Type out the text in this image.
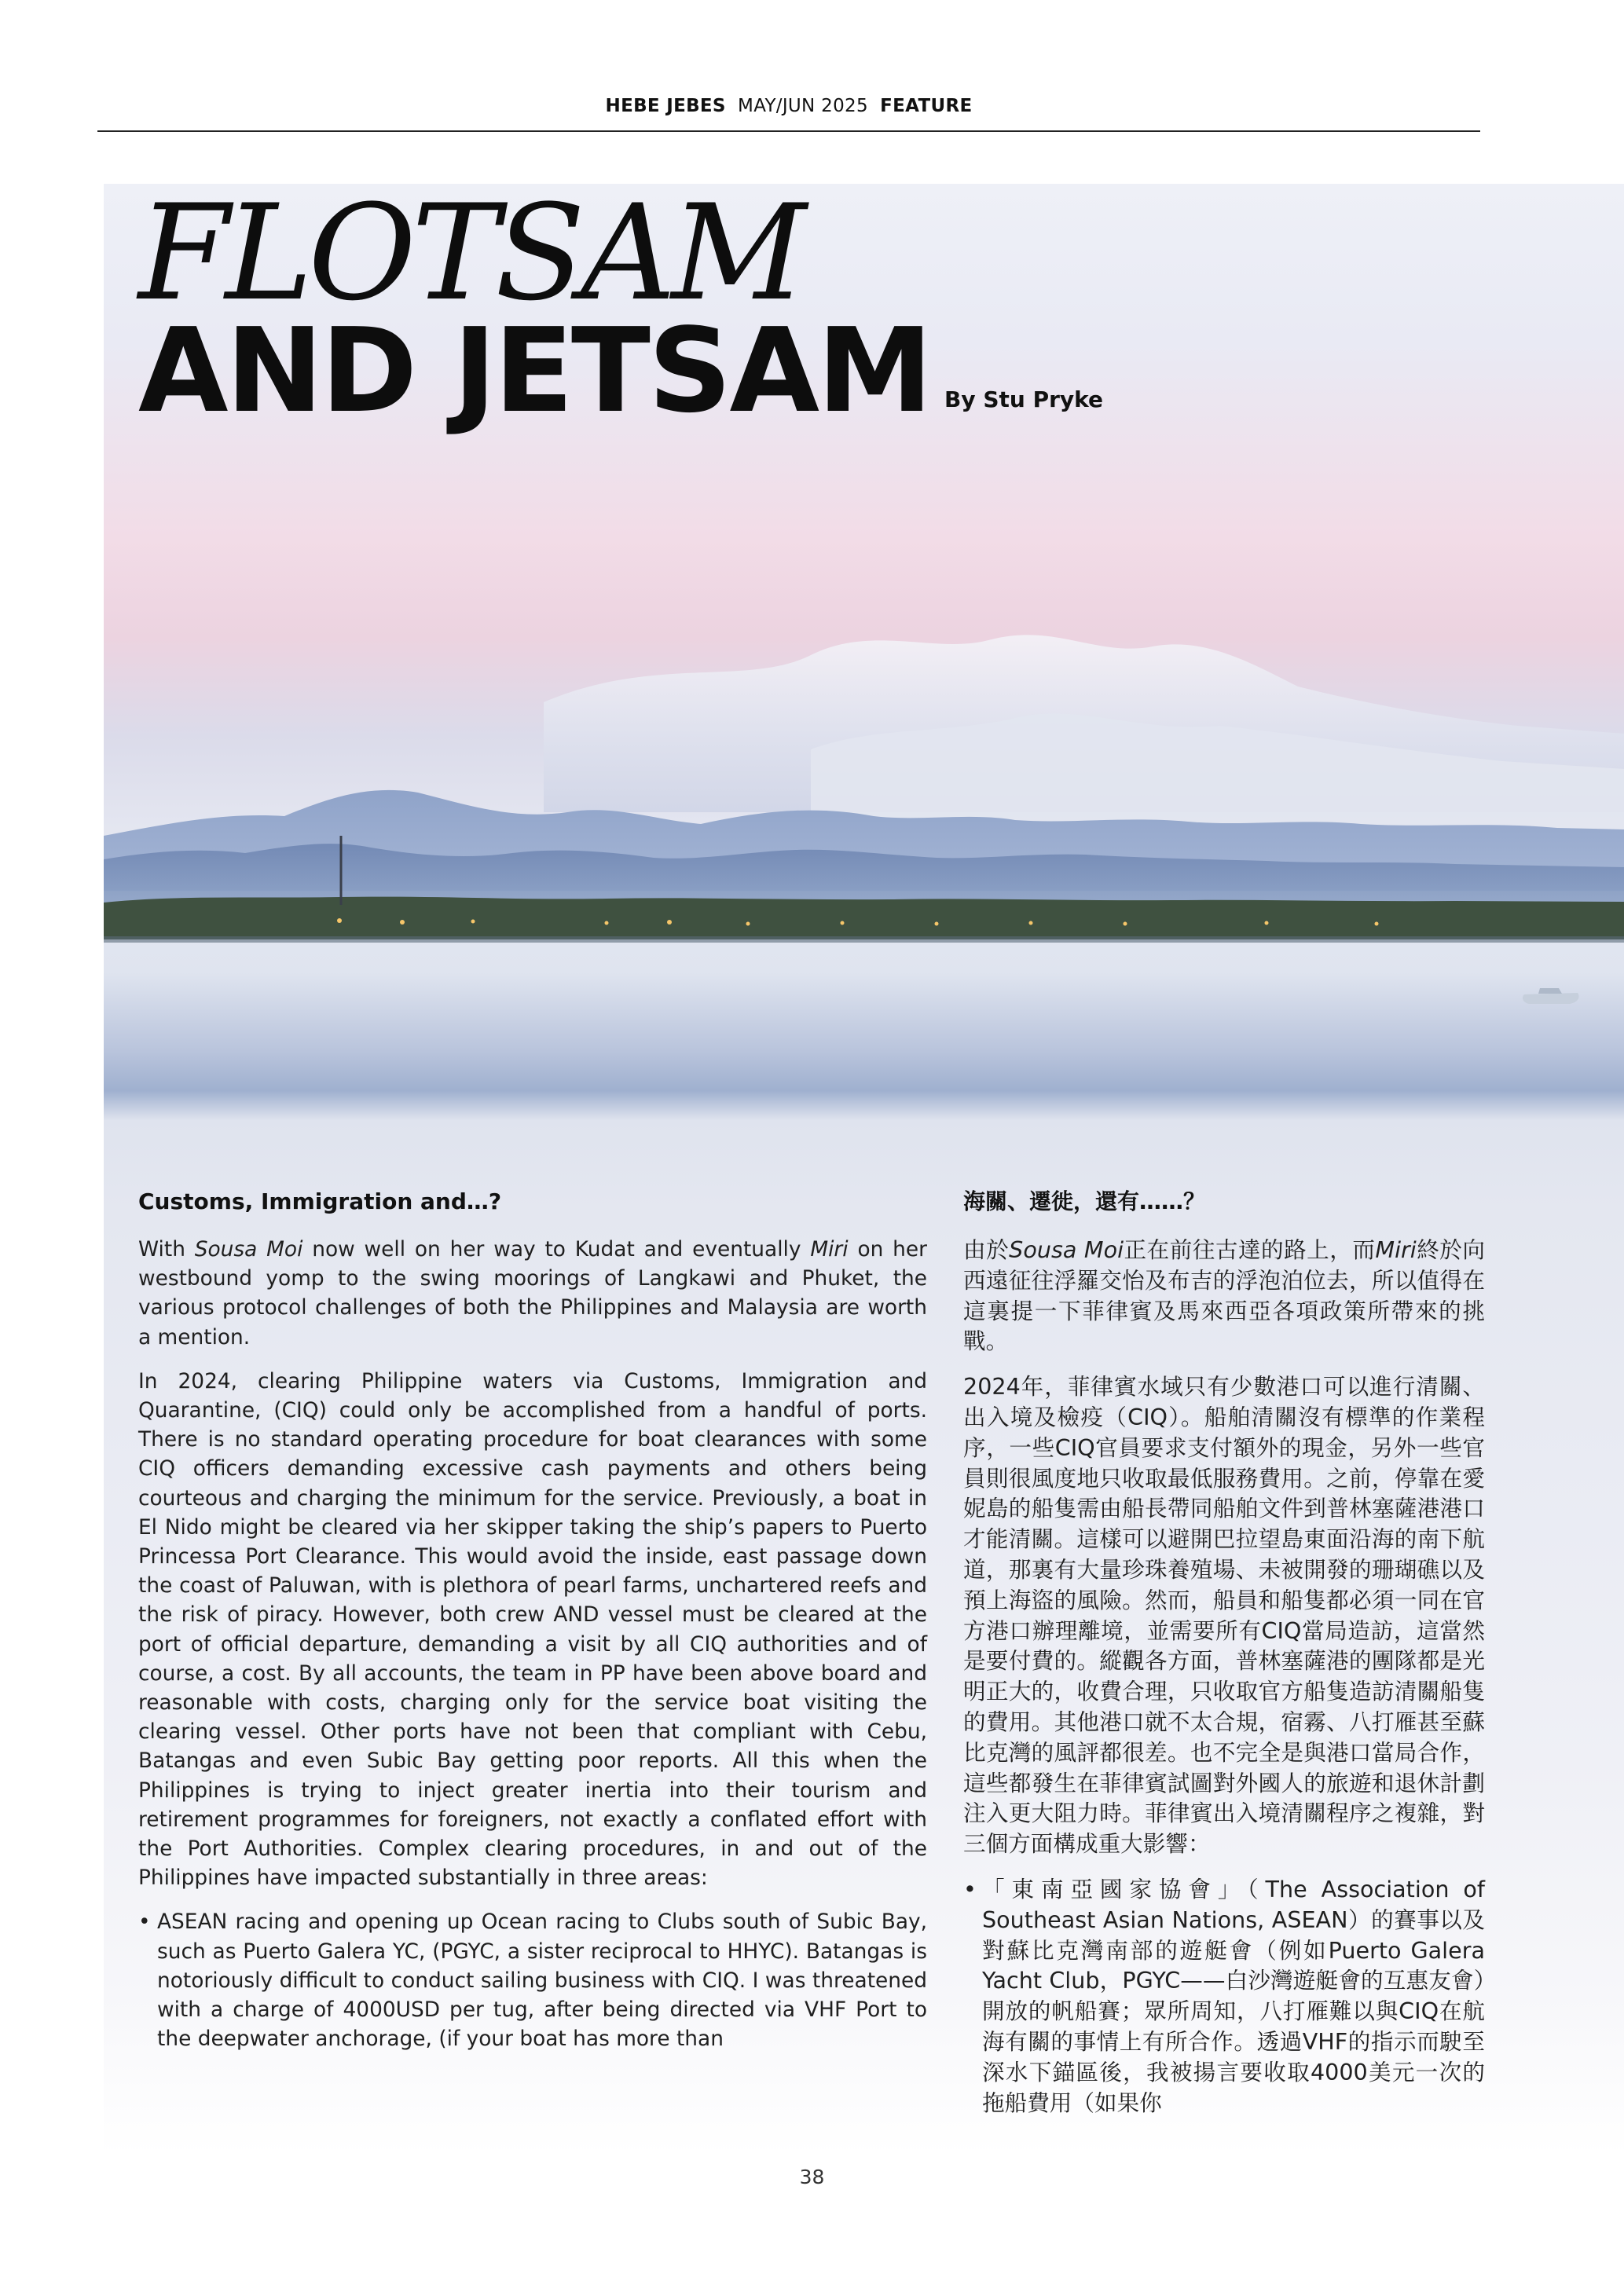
HEBE JEBES MAY/JUN 2025 FEATURE
FLOTSAM
AND JETSAM By Stu Pryke
Customs, Immigration and…?

With Sousa Moi now well on her way to Kudat and eventually Miri on her westbound yomp to the swing moorings of Langkawi and Phuket, the various protocol challenges of both the Philippines and Malaysia are worth a mention.

In 2024, clearing Philippine waters via Customs, Immigration and Quarantine, (CIQ) could only be accomplished from a handful of ports. There is no standard operating procedure for boat clearances with some CIQ officers demanding excessive cash payments and others being courteous and charging the minimum for the service. Previously, a boat in El Nido might be cleared via her skipper taking the ship’s papers to Puerto Princessa Port Clearance. This would avoid the inside, east passage down the coast of Paluwan, with is plethora of pearl farms, unchartered reefs and the risk of piracy. However, both crew AND vessel must be cleared at the port of official departure, demanding a visit by all CIQ authorities and of course, a cost. By all accounts, the team in PP have been above board and reasonable with costs, charging only for the service boat visiting the clearing vessel. Other ports have not been that compliant with Cebu, Batangas and even Subic Bay getting poor reports. All this when the Philippines is trying to inject greater inertia into their tourism and retirement programmes for foreigners, not exactly a conflated effort with the Port Authorities. Complex clearing procedures, in and out of the Philippines have impacted substantially in three areas:

• ASEAN racing and opening up Ocean racing to Clubs south of Subic Bay, such as Puerto Galera YC, (PGYC, a sister reciprocal to HHYC). Batangas is notoriously difficult to conduct sailing business with CIQ. I was threatened with a charge of 4000USD per tug, after being directed via VHF Port to the deepwater anchorage, (if your boat has more than
海關、遷徙，還有……？

由於Sousa Moi正在前往古達的路上，而Miri終於向西遠征往浮羅交怡及布吉的浮泡泊位去，所以值得在這裏提一下菲律賓及馬來西亞各項政策所帶來的挑戰。

2024年，菲律賓水域只有少數港口可以進行清關、出入境及檢疫（CIQ）。船舶清關沒有標準的作業程序，一些CIQ官員要求支付額外的現金，另外一些官員則很風度地只收取最低服務費用。之前，停靠在愛妮島的船隻需由船長帶同船舶文件到普林塞薩港港口才能清關。這樣可以避開巴拉望島東面沿海的南下航道，那裏有大量珍珠養殖場、未被開發的珊瑚礁以及預上海盜的風險。然而，船員和船隻都必須一同在官方港口辦理離境，並需要所有CIQ當局造訪，這當然是要付費的。縱觀各方面，普林塞薩港的團隊都是光明正大的，收費合理，只收取官方船隻造訪清關船隻的費用。其他港口就不太合規，宿霧、八打雁甚至蘇比克灣的風評都很差。也不完全是與港口當局合作，這些都發生在菲律賓試圖對外國人的旅遊和退休計劃注入更大阻力時。菲律賓出入境清關程序之複雜，對三個方面構成重大影響：

• 「東南亞國家協會」（The Association of Southeast Asian Nations, ASEAN）的賽事以及對蘇比克灣南部的遊艇會（例如Puerto Galera Yacht Club，PGYC——白沙灣遊艇會的互惠友會）開放的帆船賽；眾所周知，八打雁難以與CIQ在航海有關的事情上有所合作。透過VHF的指示而駛至深水下錨區後，我被揚言要收取4000美元一次的拖船費用（如果你
38
